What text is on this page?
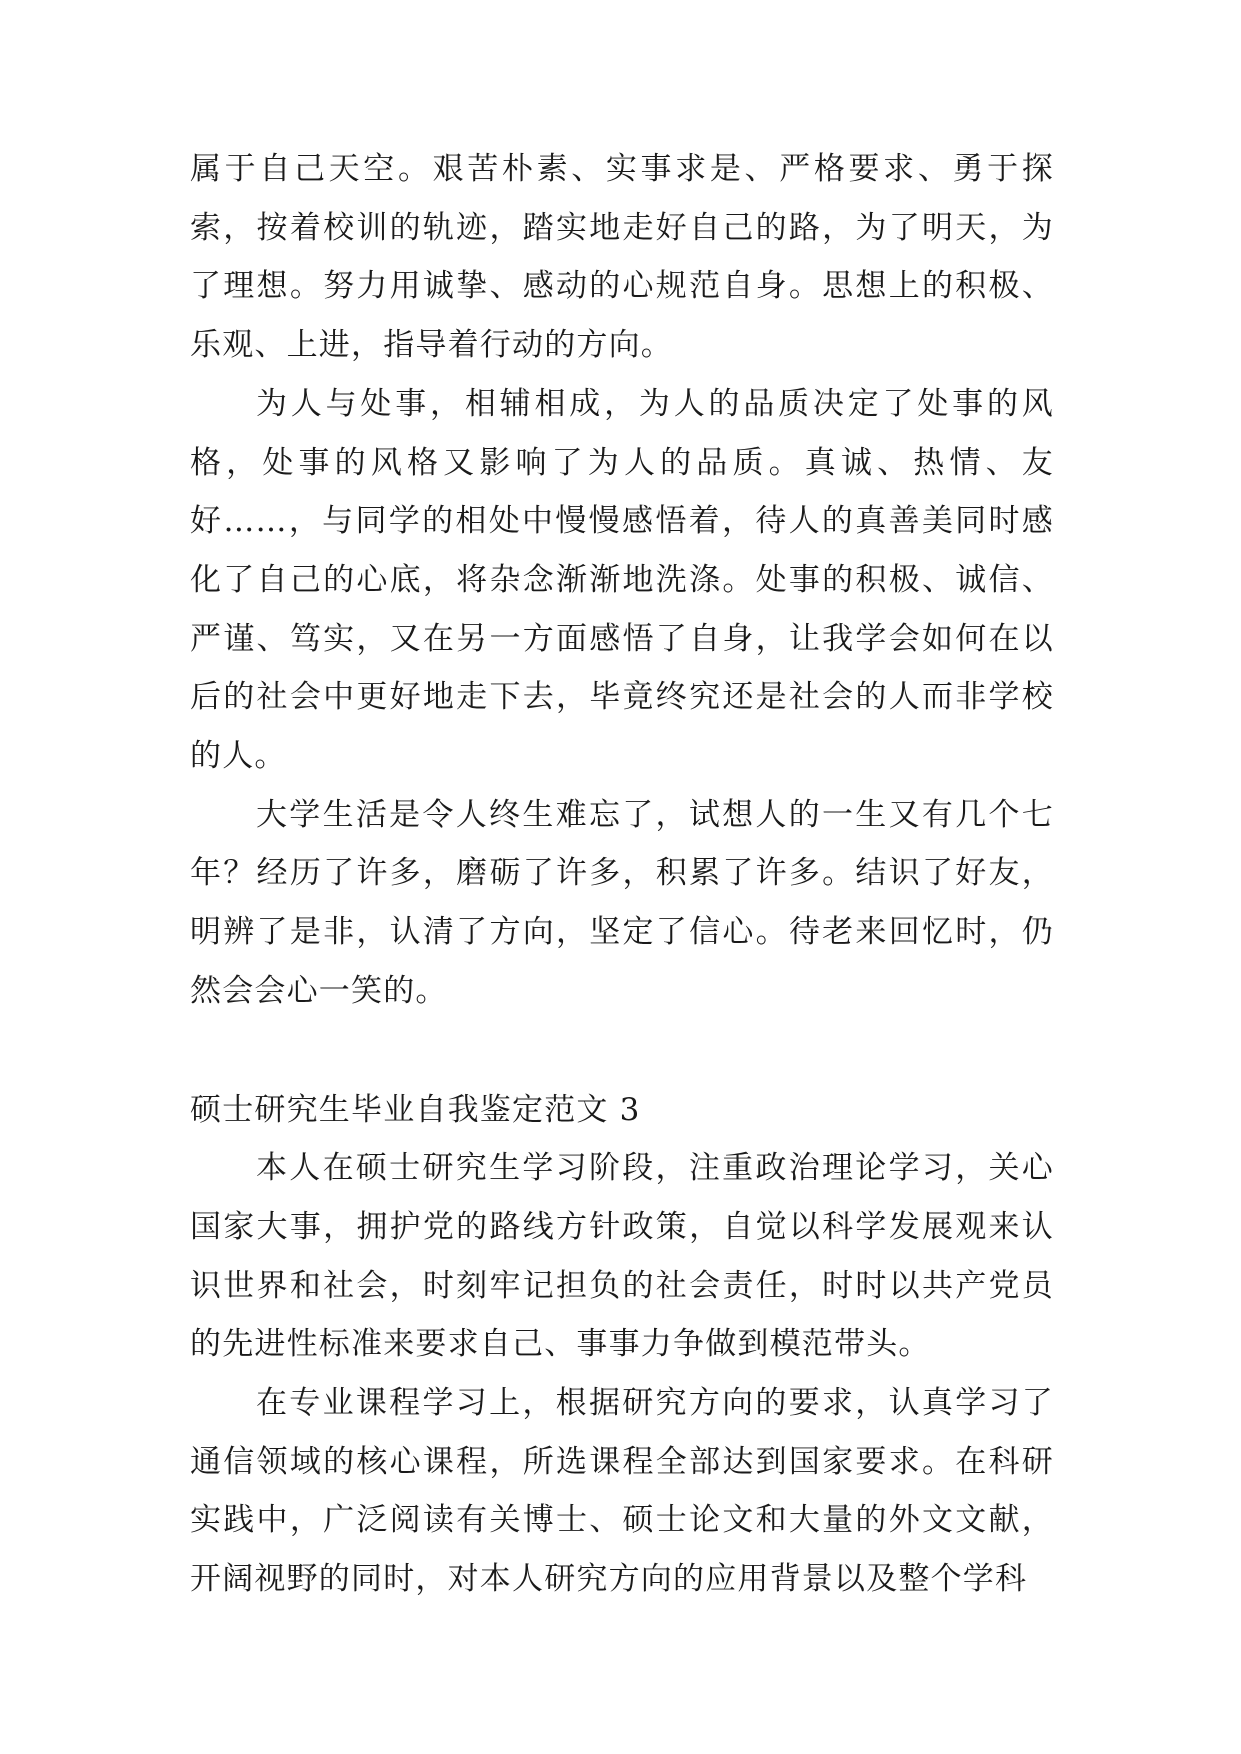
属于自己天空。艰苦朴素、实事求是、严格要求、勇于探索，按着校训的轨迹，踏实地走好自己的路，为了明天，为了理想。努力用诚挚、感动的心规范自身。思想上的积极、乐观、上进，指导着行动的方向。

为人与处事，相辅相成，为人的品质决定了处事的风格，处事的风格又影响了为人的品质。真诚、热情、友好……，与同学的相处中慢慢感悟着，待人的真善美同时感化了自己的心底，将杂念渐渐地洗涤。处事的积极、诚信、严谨、笃实，又在另一方面感悟了自身，让我学会如何在以后的社会中更好地走下去，毕竟终究还是社会的人而非学校的人。

大学生活是令人终生难忘了，试想人的一生又有几个七年？经历了许多，磨砺了许多，积累了许多。结识了好友，明辨了是非，认清了方向，坚定了信心。待老来回忆时，仍然会会心一笑的。

硕士研究生毕业自我鉴定范文 3

本人在硕士研究生学习阶段，注重政治理论学习，关心国家大事，拥护党的路线方针政策，自觉以科学发展观来认识世界和社会，时刻牢记担负的社会责任，时时以共产党员的先进性标准来要求自己、事事力争做到模范带头。

在专业课程学习上，根据研究方向的要求，认真学习了通信领域的核心课程，所选课程全部达到国家要求。在科研实践中，广泛阅读有关博士、硕士论文和大量的外文文献，开阔视野的同时，对本人研究方向的应用背景以及整个学科
